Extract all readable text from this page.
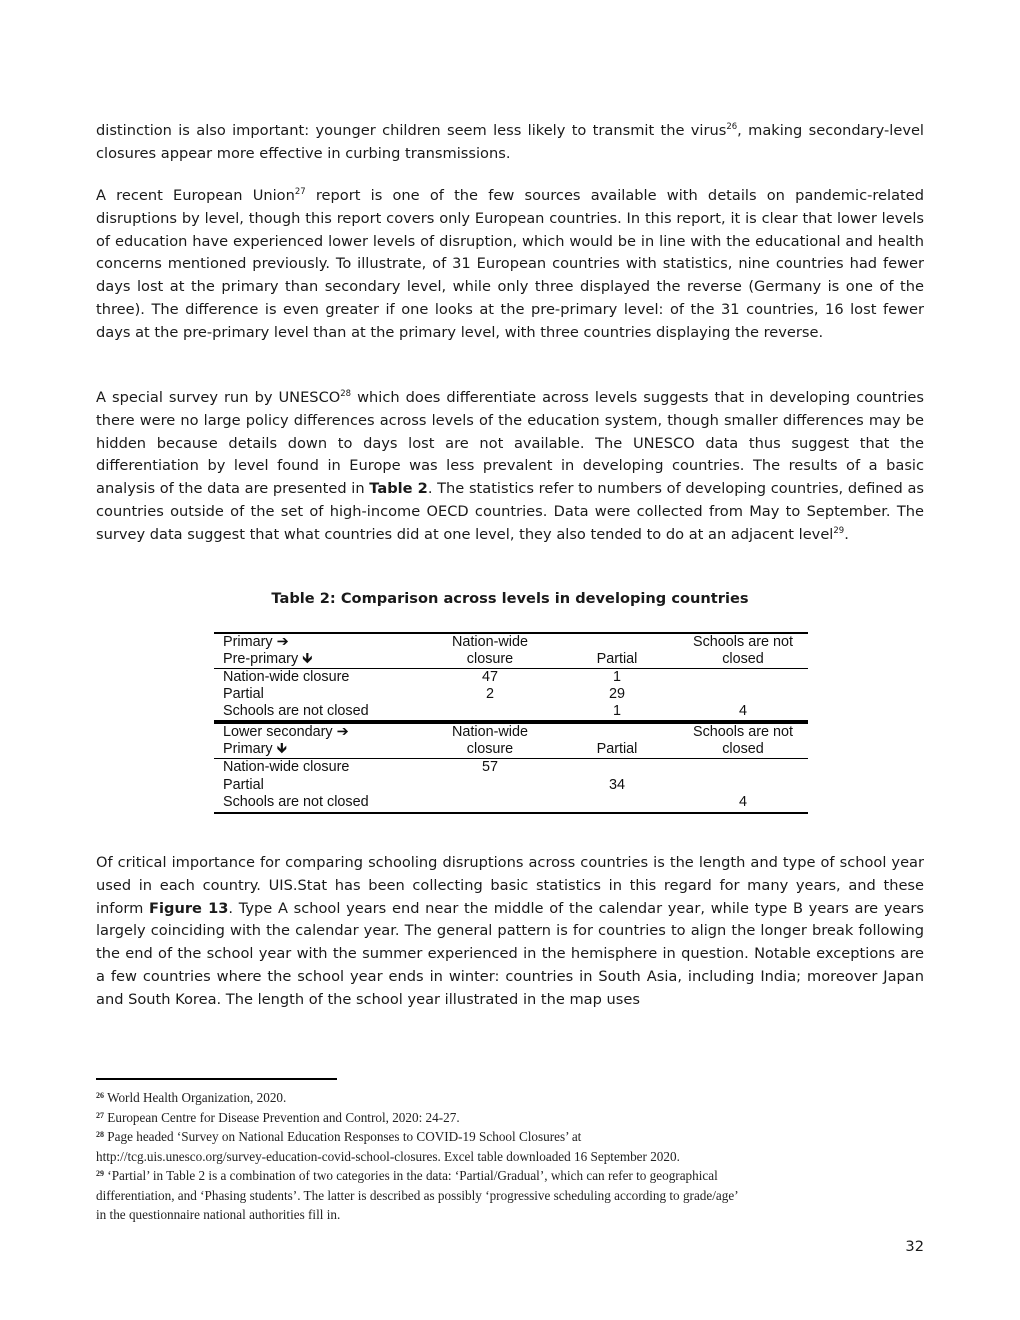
distinction is also important: younger children seem less likely to transmit the virus$^{26}$, making secondary-level closures appear more effective in curbing transmissions.

A recent European Union$^{27}$ report is one of the few sources available with details on pandemic-related disruptions by level, though this report covers only European countries. In this report, it is clear that lower levels of education have experienced lower levels of disruption, which would be in line with the educational and health concerns mentioned previously. To illustrate, of 31 European countries with statistics, nine countries had fewer days lost at the primary than secondary level, while only three displayed the reverse (Germany is one of the three). The difference is even greater if one looks at the pre-primary level: of the 31 countries, 16 lost fewer days at the pre-primary level than at the primary level, with three countries displaying the reverse.

A special survey run by UNESCO$^{28}$ which does differentiate across levels suggests that in developing countries there were no large policy differences across levels of the education system, though smaller differences may be hidden because details down to days lost are not available. The UNESCO data thus suggest that the differentiation by level found in Europe was less prevalent in developing countries. The results of a basic analysis of the data are presented in Table 2. The statistics refer to numbers of developing countries, defined as countries outside of the set of high-income OECD countries. Data were collected from May to September. The survey data suggest that what countries did at one level, they also tended to do at an adjacent level$^{29}$.

Table 2: Comparison across levels in developing countries
Primary ➔	Nation-wide		Schools are not
Pre-primary 🡻	closure	Partial	closed
Nation-wide closure	47	1	
Partial	2	29	
Schools are not closed		1	4
Lower secondary ➔	Nation-wide		Schools are not
Primary 🡻	closure	Partial	closed
Nation-wide closure	57		
Partial		34	
Schools are not closed			4

Of critical importance for comparing schooling disruptions across countries is the length and type of school year used in each country. UIS.Stat has been collecting basic statistics in this regard for many years, and these inform Figure 13. Type A school years end near the middle of the calendar year, while type B years are years largely coinciding with the calendar year. The general pattern is for countries to align the longer break following the end of the school year with the summer experienced in the hemisphere in question. Notable exceptions are a few countries where the school year ends in winter: countries in South Asia, including India; moreover Japan and South Korea. The length of the school year illustrated in the map uses

$^{26}$ World Health Organization, 2020.
$^{27}$ European Centre for Disease Prevention and Control, 2020: 24-27.
$^{28}$ Page headed ‘Survey on National Education Responses to COVID-19 School Closures’ at
http://tcg.uis.unesco.org/survey-education-covid-school-closures. Excel table downloaded 16 September 2020.
$^{29}$ ‘Partial’ in Table 2 is a combination of two categories in the data: ‘Partial/Gradual’, which can refer to geographical
differentiation, and ‘Phasing students’. The latter is described as possibly ‘progressive scheduling according to grade/age’
in the questionnaire national authorities fill in.
32
